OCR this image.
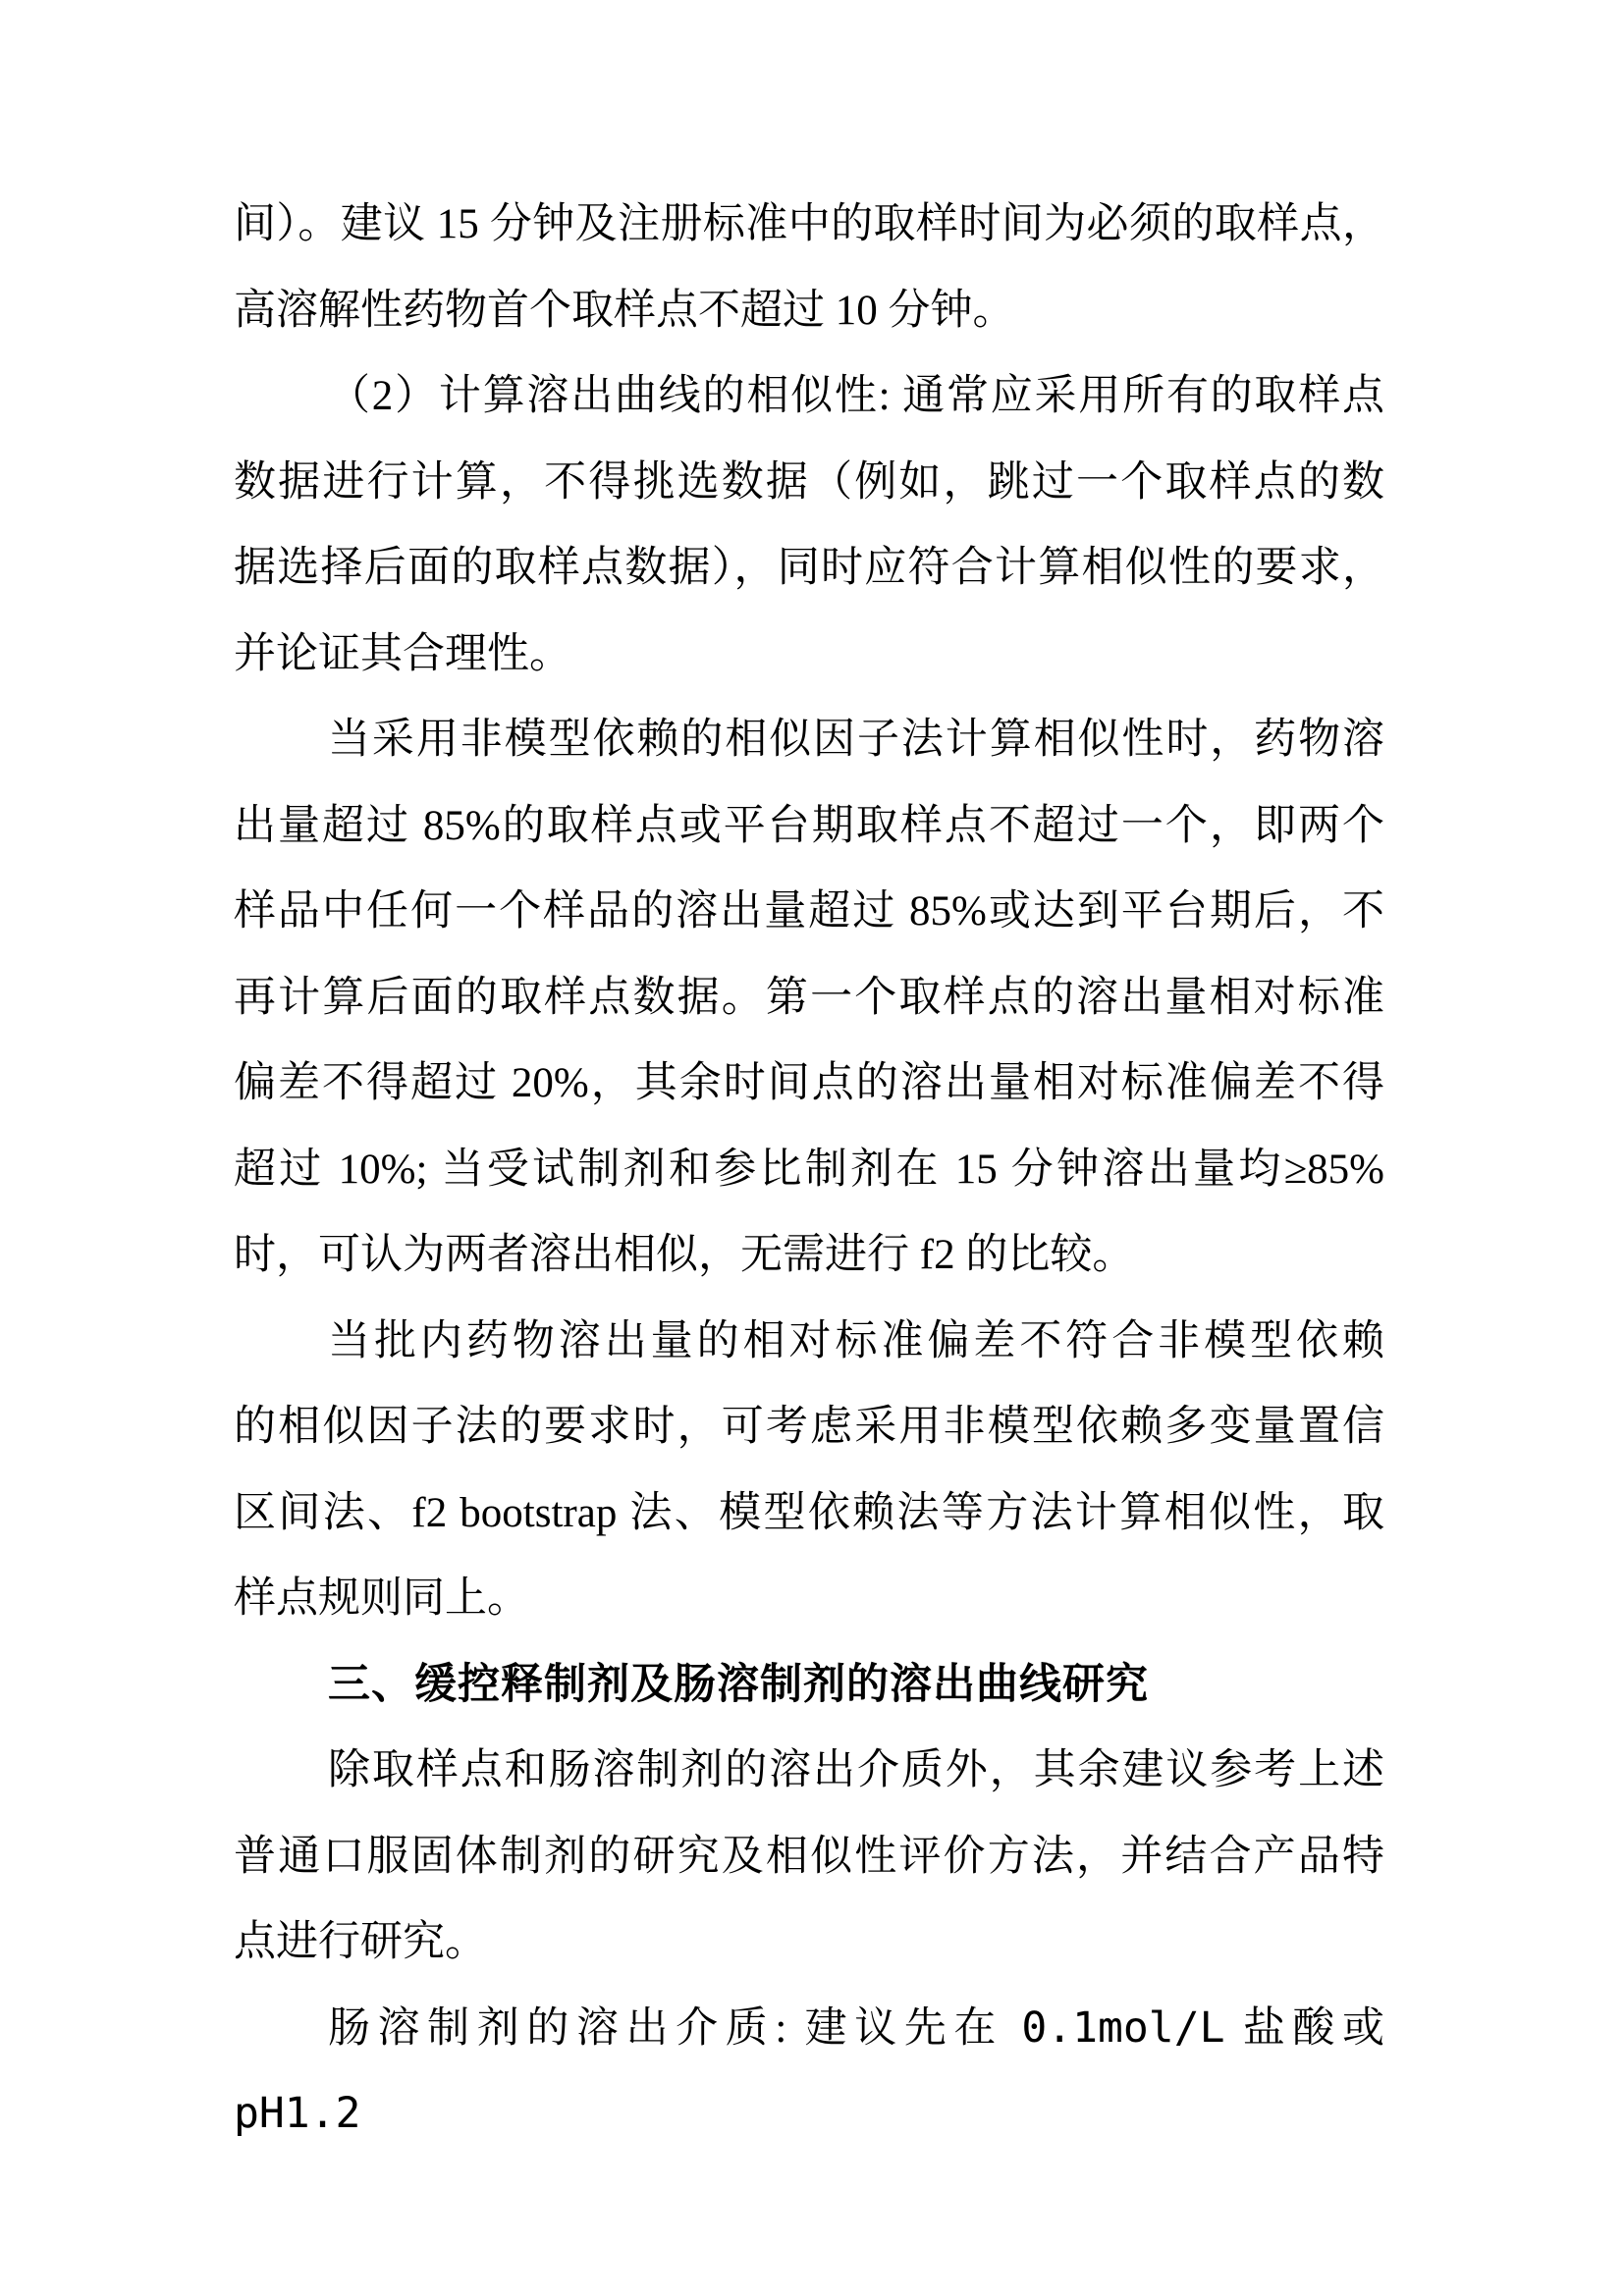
间）。建议 15 分钟及注册标准中的取样时间为必须的取样点，
高溶解性药物首个取样点不超过 10 分钟。
（2）计算溶出曲线的相似性: 通常应采用所有的取样点
数据进行计算，不得挑选数据（例如，跳过一个取样点的数
据选择后面的取样点数据），同时应符合计算相似性的要求，
并论证其合理性。
当采用非模型依赖的相似因子法计算相似性时，药物溶
出量超过 85%的取样点或平台期取样点不超过一个，即两个
样品中任何一个样品的溶出量超过 85%或达到平台期后，不
再计算后面的取样点数据。第一个取样点的溶出量相对标准
偏差不得超过 20%，其余时间点的溶出量相对标准偏差不得
超过 10%; 当受试制剂和参比制剂在 15 分钟溶出量均≥85%
时，可认为两者溶出相似，无需进行 f2 的比较。
当批内药物溶出量的相对标准偏差不符合非模型依赖
的相似因子法的要求时，可考虑采用非模型依赖多变量置信
区间法、f2 bootstrap 法、模型依赖法等方法计算相似性，取
样点规则同上。
三、缓控释制剂及肠溶制剂的溶出曲线研究
除取样点和肠溶制剂的溶出介质外，其余建议参考上述
普通口服固体制剂的研究及相似性评价方法，并结合产品特
点进行研究。
肠溶制剂的溶出介质: 建议先在 0.1mol/L 盐酸或 pH1.2
